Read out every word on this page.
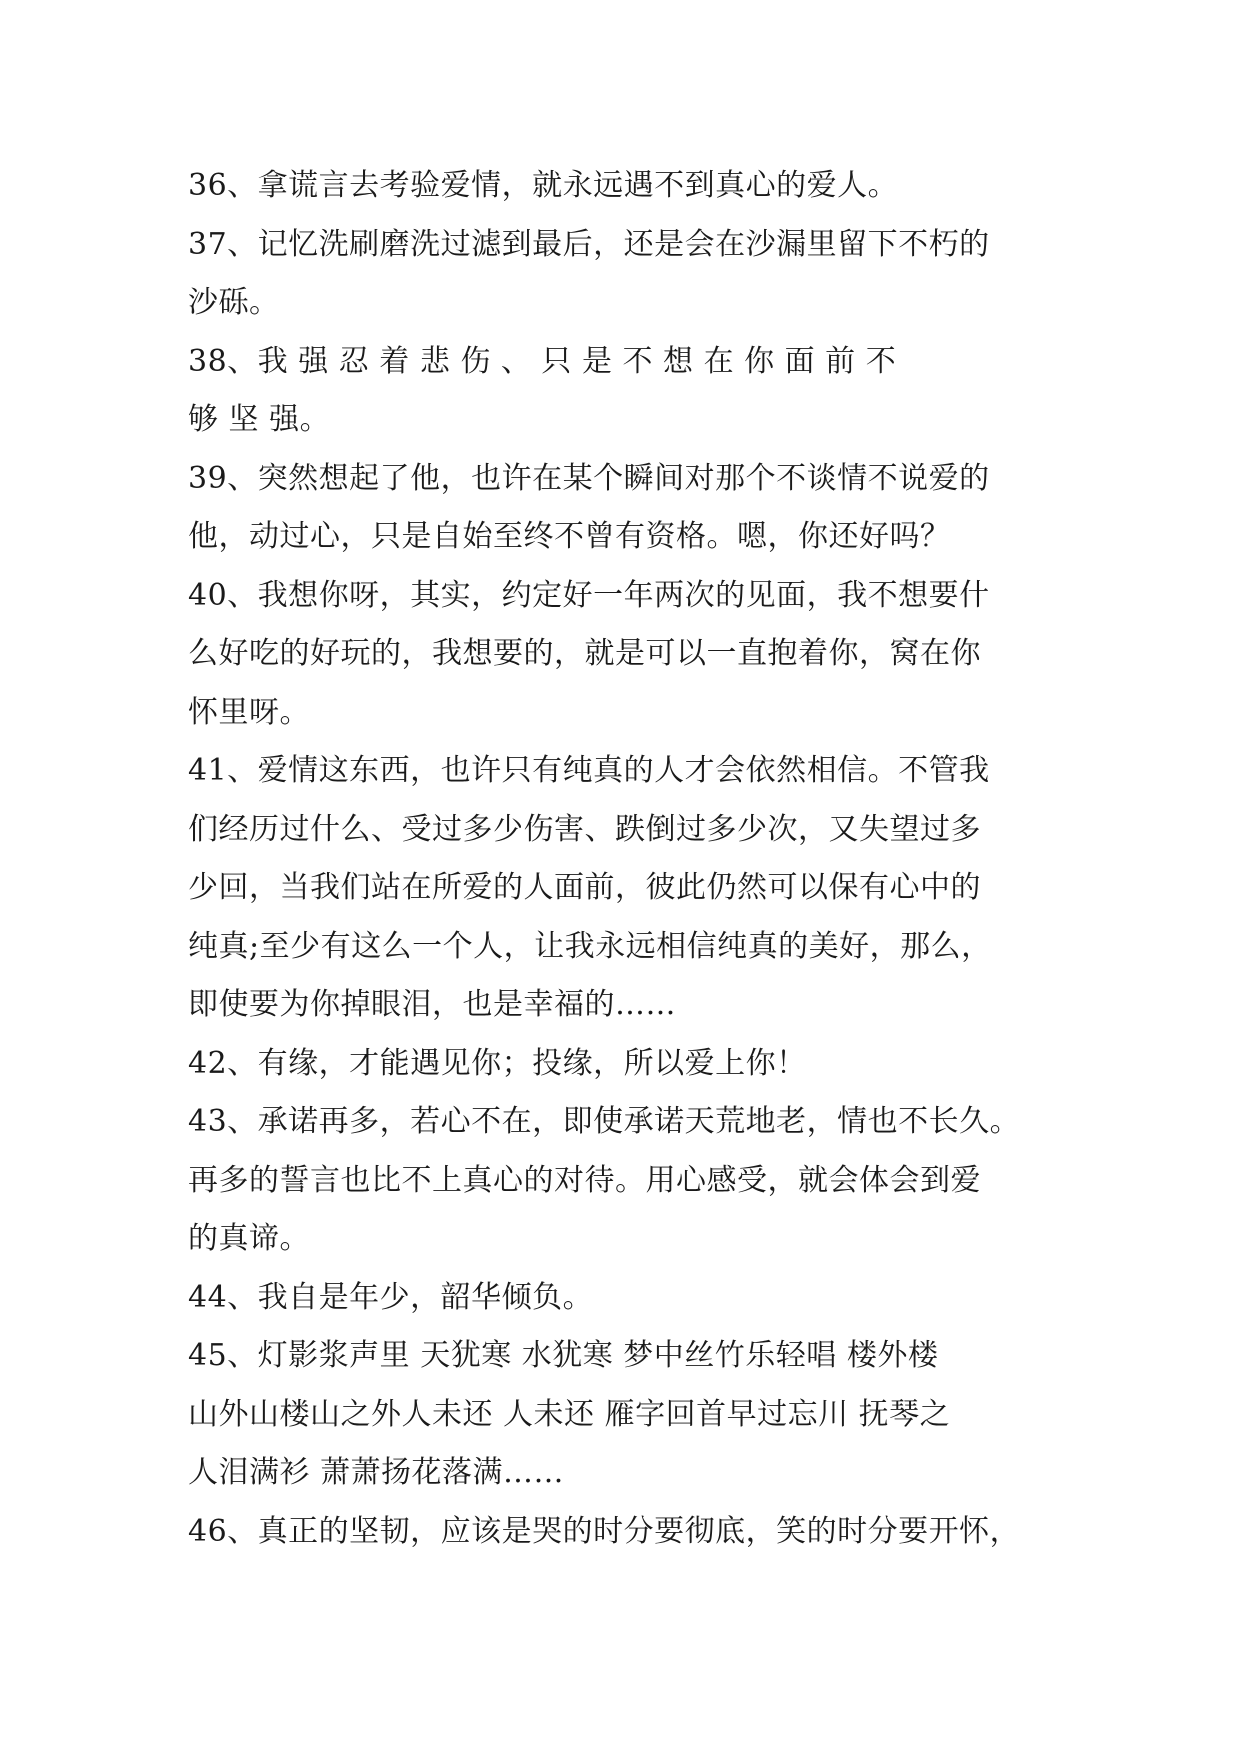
36、拿谎言去考验爱情，就永远遇不到真心的爱人。
37、记忆洗刷磨洗过滤到最后，还是会在沙漏里留下不朽的
沙砾。
38、我 强 忍 着 悲 伤 、 只 是 不 想 在 你 面 前 不
够 坚 强。
39、突然想起了他，也许在某个瞬间对那个不谈情不说爱的
他，动过心，只是自始至终不曾有资格。嗯，你还好吗？
40、我想你呀，其实，约定好一年两次的见面，我不想要什
么好吃的好玩的，我想要的，就是可以一直抱着你，窝在你
怀里呀。
41、爱情这东西，也许只有纯真的人才会依然相信。不管我
们经历过什么、受过多少伤害、跌倒过多少次，又失望过多
少回，当我们站在所爱的人面前，彼此仍然可以保有心中的
纯真;至少有这么一个人，让我永远相信纯真的美好，那么，
即使要为你掉眼泪，也是幸福的……
42、有缘，才能遇见你；投缘，所以爱上你！
43、承诺再多，若心不在，即使承诺天荒地老，情也不长久。
再多的誓言也比不上真心的对待。用心感受，就会体会到爱
的真谛。
44、我自是年少，韶华倾负。
45、灯影浆声里 天犹寒 水犹寒 梦中丝竹乐轻唱 楼外楼
山外山楼山之外人未还 人未还 雁字回首早过忘川 抚琴之
人泪满衫 萧萧扬花落满……
46、真正的坚韧，应该是哭的时分要彻底，笑的时分要开怀，
